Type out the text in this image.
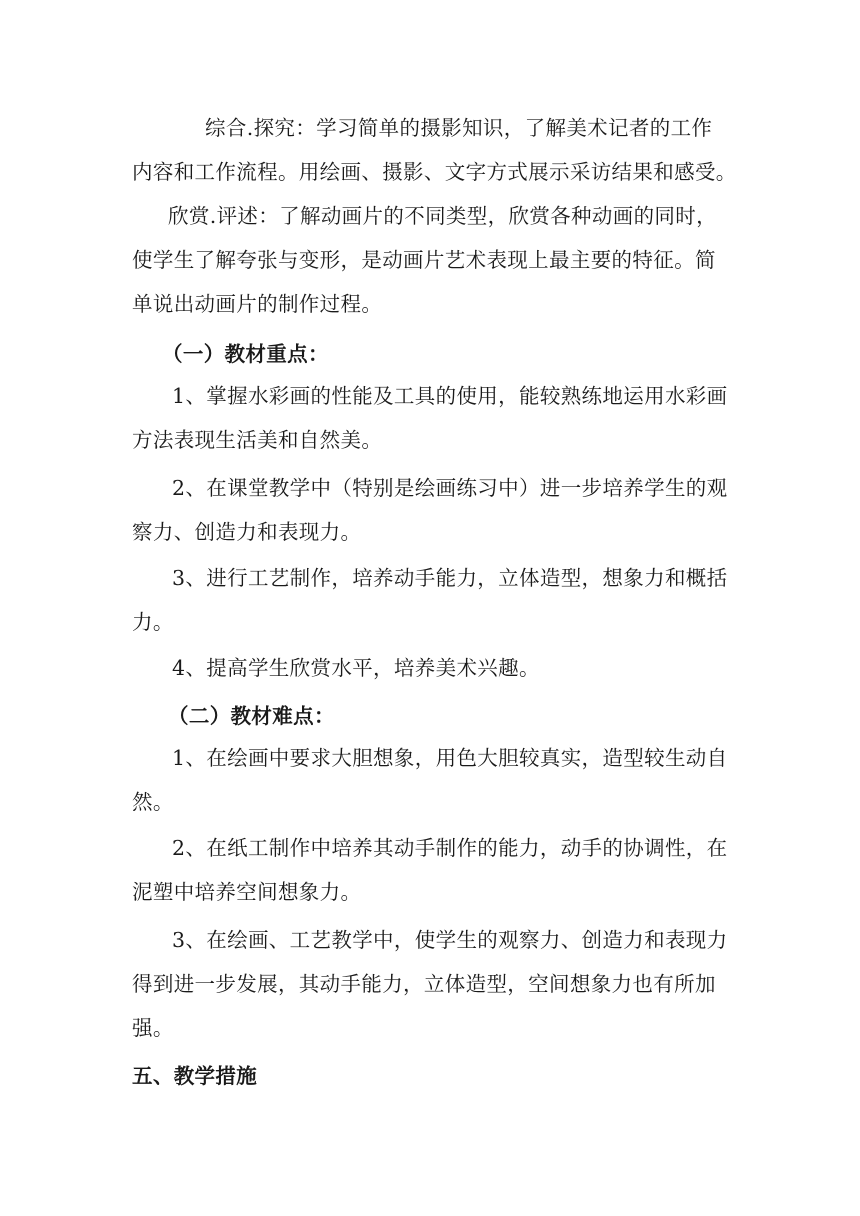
综合.探究：学习简单的摄影知识，了解美术记者的工作
内容和工作流程。用绘画、摄影、文字方式展示采访结果和感受。
欣赏.评述：了解动画片的不同类型，欣赏各种动画的同时，
使学生了解夸张与变形，是动画片艺术表现上最主要的特征。简
单说出动画片的制作过程。
（一）教材重点：
1、掌握水彩画的性能及工具的使用，能较熟练地运用水彩画
方法表现生活美和自然美。
2、在课堂教学中（特别是绘画练习中）进一步培养学生的观
察力、创造力和表现力。
3、进行工艺制作，培养动手能力，立体造型，想象力和概括
力。
4、提高学生欣赏水平，培养美术兴趣。
（二）教材难点：
1、在绘画中要求大胆想象，用色大胆较真实，造型较生动自
然。
2、在纸工制作中培养其动手制作的能力，动手的协调性，在
泥塑中培养空间想象力。
3、在绘画、工艺教学中，使学生的观察力、创造力和表现力
得到进一步发展，其动手能力，立体造型，空间想象力也有所加
强。
五、教学措施
